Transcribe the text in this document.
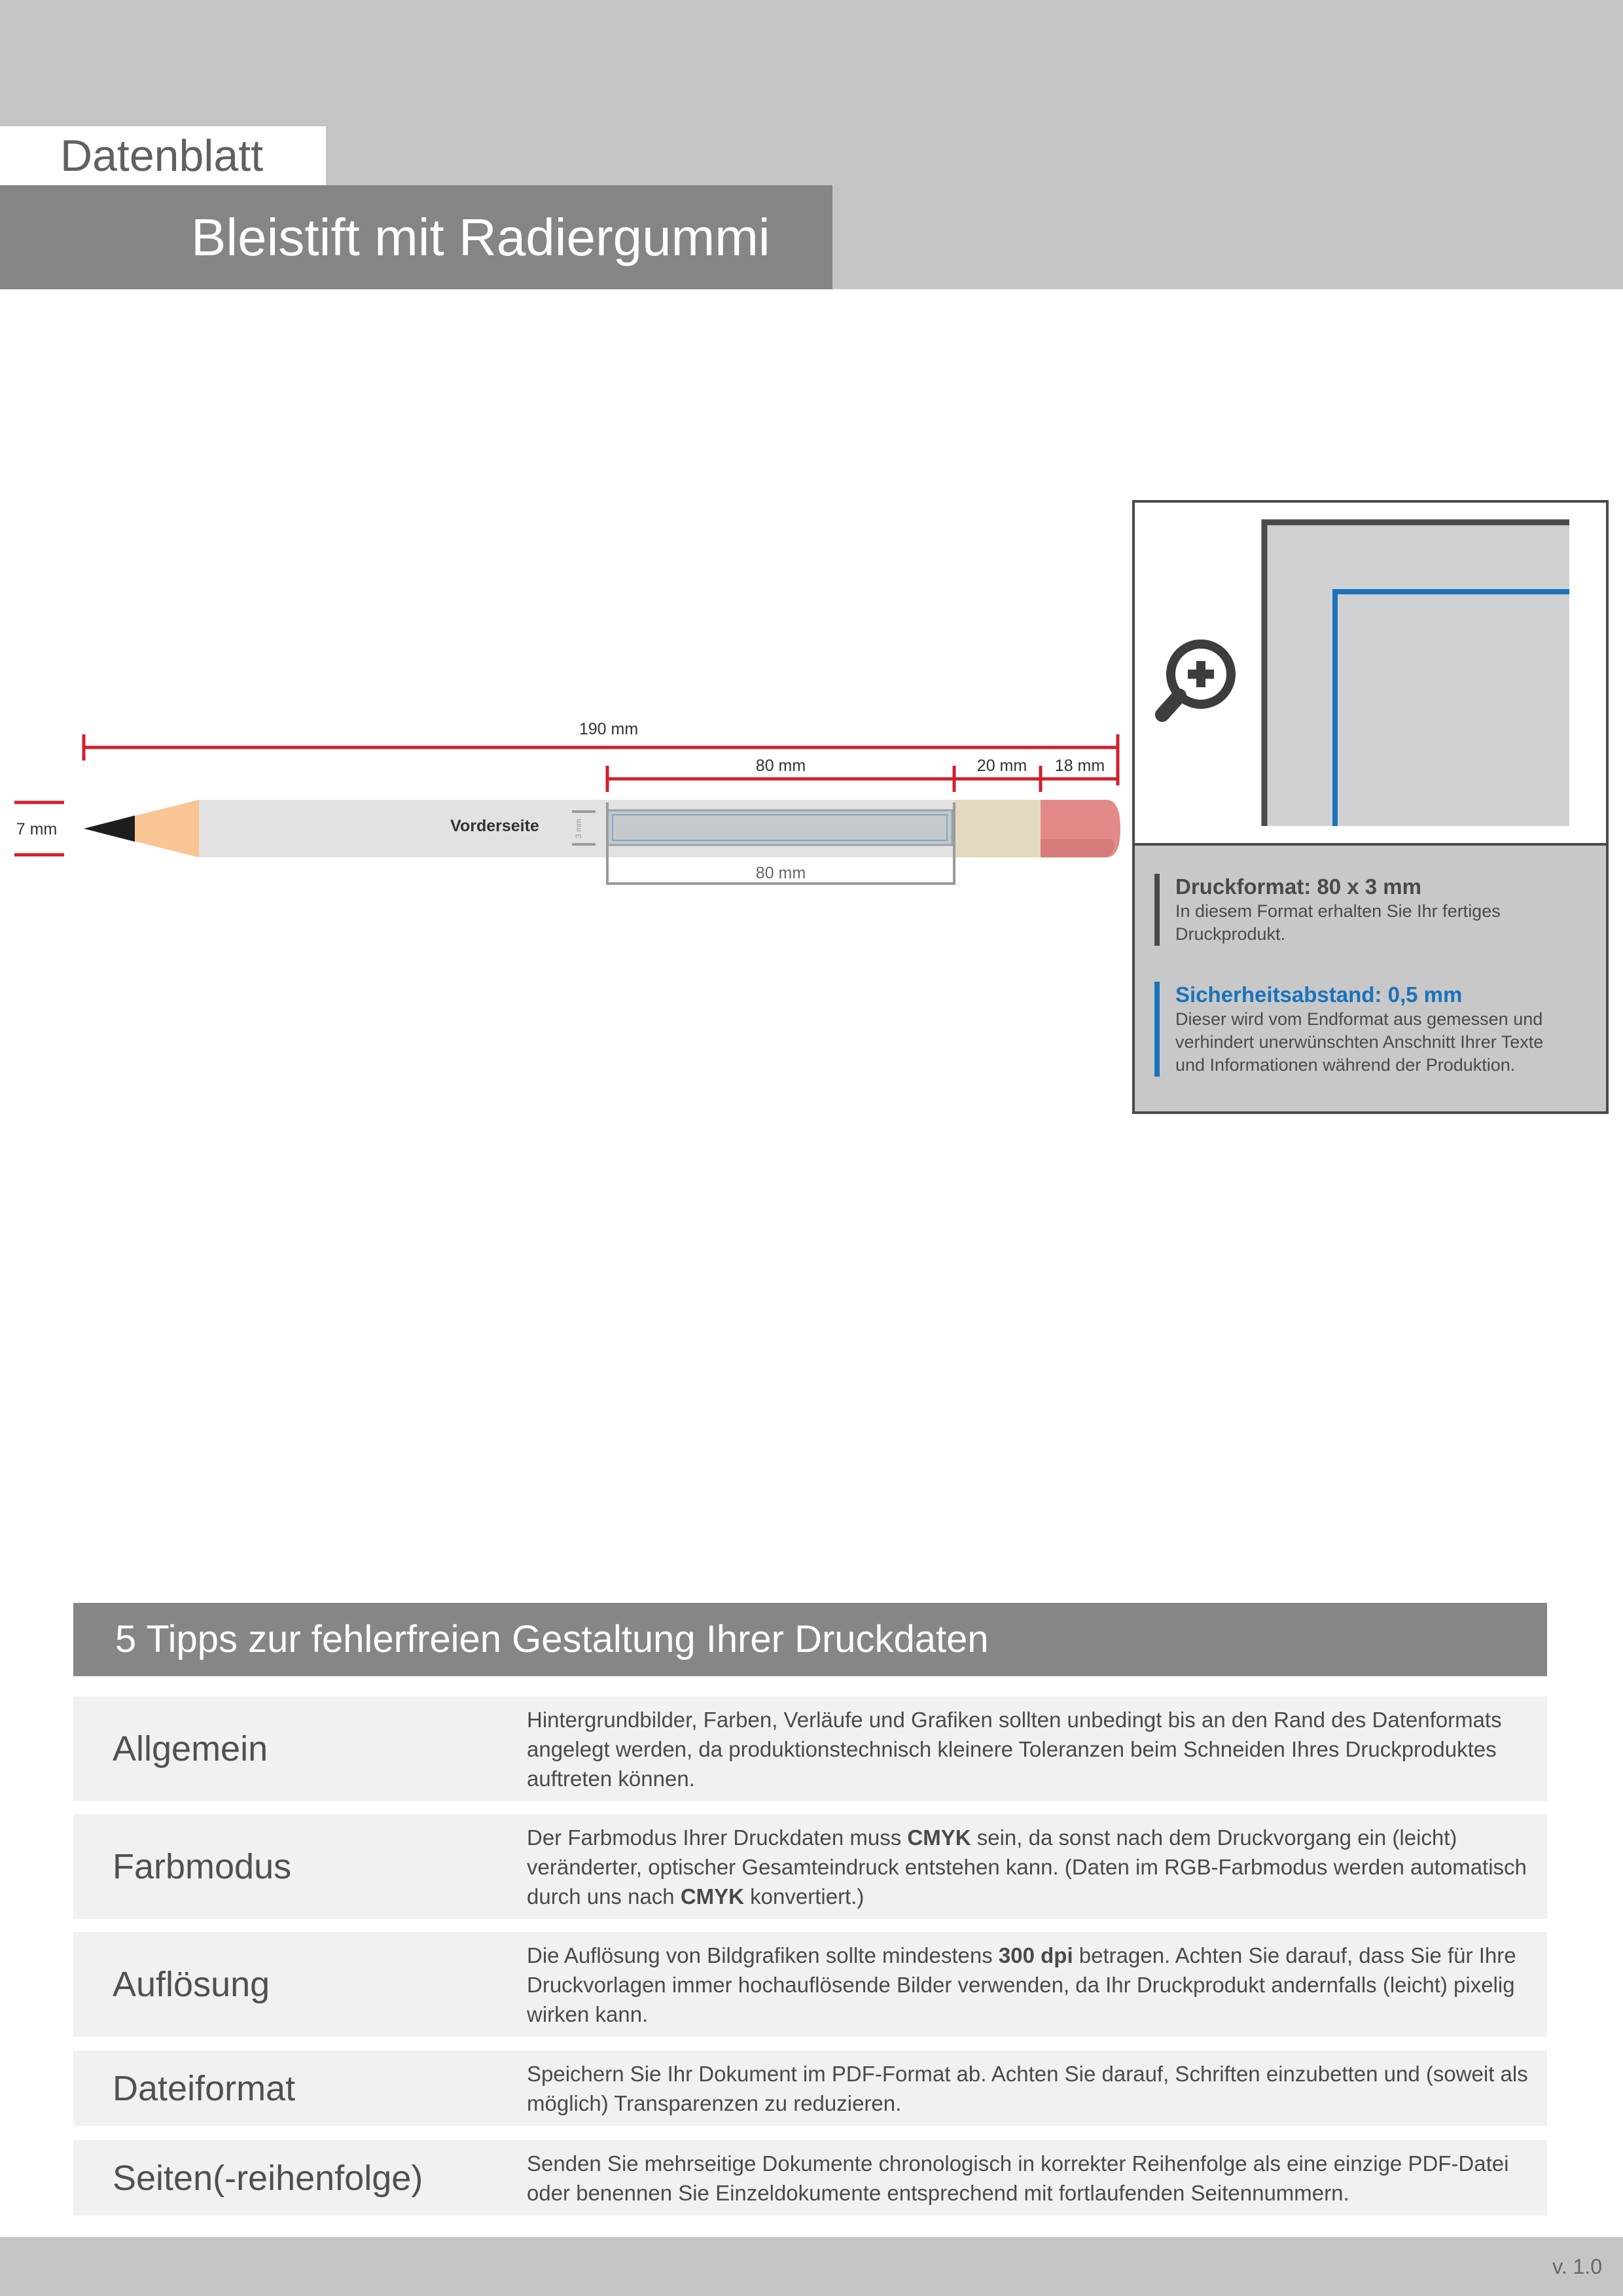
Datenblatt
Bleistift mit Radiergummi
190 mm
80 mm	20 mm 18 mm
7 mm
80 mm
3 mm
Vorderseite
Druckformat: 80 x 3 mm
In diesem Format erhalten Sie Ihr fertiges
Druckprodukt.
Sicherheitsabstand: 0,5 mm
Dieser wird vom Endformat aus gemessen und
verhindert unerwünschten Anschnitt Ihrer Texte
und Informationen während der Produktion.
5 Tipps zur fehlerfreien Gestaltung Ihrer Druckdaten
Allgemein
Hintergrundbilder, Farben, Verläufe und Grafiken sollten unbedingt bis an den Rand des Datenformats angelegt werden, da produktionstechnisch kleinere Toleranzen beim Schneiden Ihres Druckproduktes auftreten können.
Farbmodus
Der Farbmodus Ihrer Druckdaten muss CMYK sein, da sonst nach dem Druckvorgang ein (leicht) veränderter, optischer Gesamteindruck entstehen kann. (Daten im RGB-Farbmodus werden automatisch durch uns nach CMYK konvertiert.)
Auflösung
Die Auflösung von Bildgrafiken sollte mindestens 300 dpi betragen. Achten Sie darauf, dass Sie für Ihre Druckvorlagen immer hochauflösende Bilder verwenden, da Ihr Druckprodukt andernfalls (leicht) pixelig wirken kann.
Dateiformat	Speichern Sie Ihr Dokument im PDF-Format ab. Achten Sie darauf, Schriften einzubetten und (soweit als möglich) Transparenzen zu reduzieren.
Seiten(-reihenfolge)	Senden Sie mehrseitige Dokumente chronologisch in korrekter Reihenfolge als eine einzige PDF-Datei oder benennen Sie Einzeldokumente entsprechend mit fortlaufenden Seitennummern.
v. 1.0
